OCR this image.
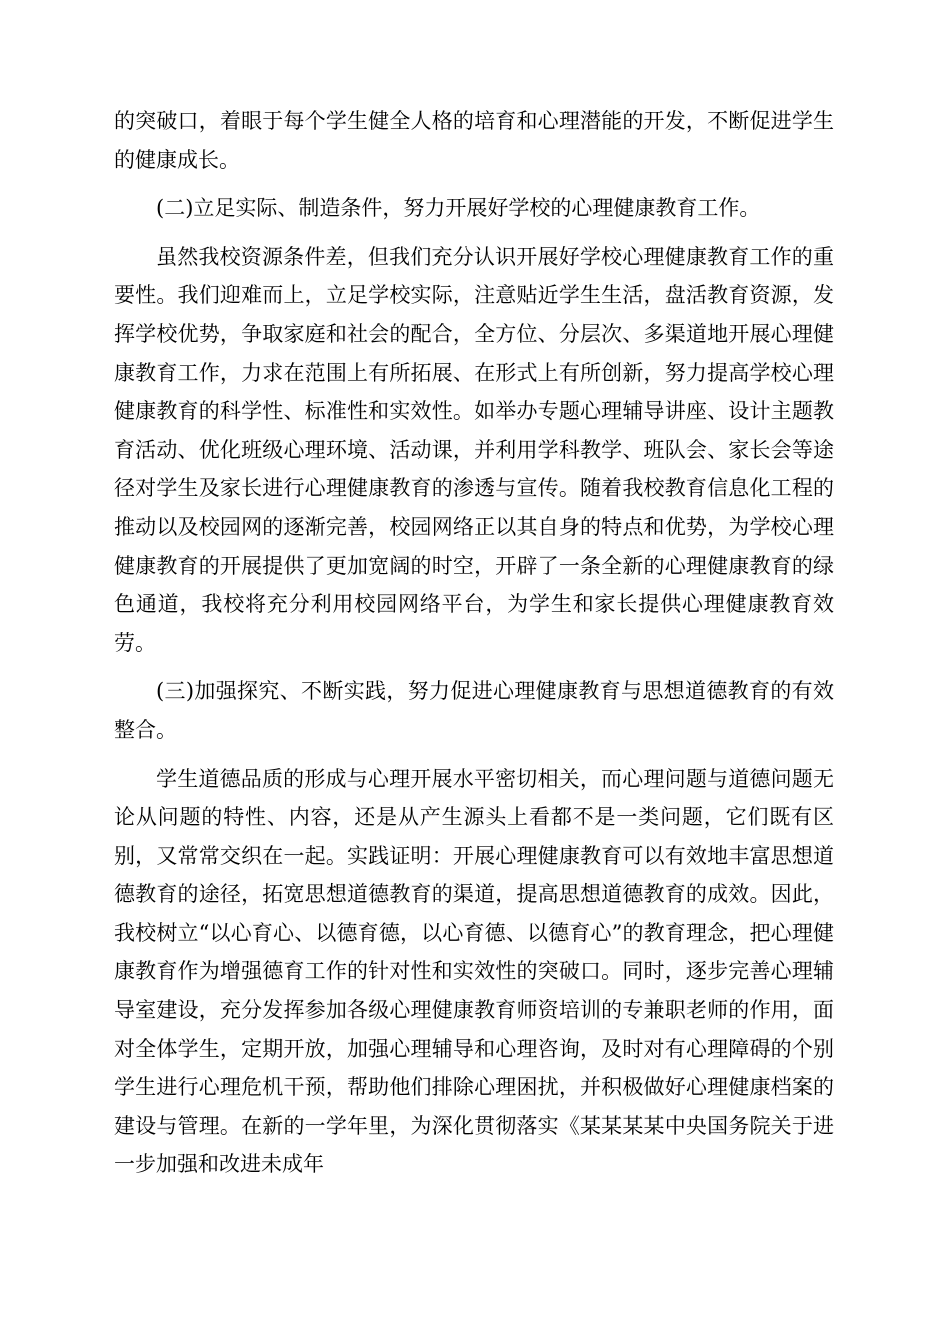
的突破口，着眼于每个学生健全人格的培育和心理潜能的开发，不断促进学生的健康成长。

(二)立足实际、制造条件，努力开展好学校的心理健康教育工作。

虽然我校资源条件差，但我们充分认识开展好学校心理健康教育工作的重要性。我们迎难而上，立足学校实际，注意贴近学生生活，盘活教育资源，发挥学校优势，争取家庭和社会的配合，全方位、分层次、多渠道地开展心理健康教育工作，力求在范围上有所拓展、在形式上有所创新，努力提高学校心理健康教育的科学性、标准性和实效性。如举办专题心理辅导讲座、设计主题教育活动、优化班级心理环境、活动课，并利用学科教学、班队会、家长会等途径对学生及家长进行心理健康教育的渗透与宣传。随着我校教育信息化工程的推动以及校园网的逐渐完善，校园网络正以其自身的特点和优势，为学校心理健康教育的开展提供了更加宽阔的时空，开辟了一条全新的心理健康教育的绿色通道，我校将充分利用校园网络平台，为学生和家长提供心理健康教育效劳。

(三)加强探究、不断实践，努力促进心理健康教育与思想道德教育的有效整合。

学生道德品质的形成与心理开展水平密切相关，而心理问题与道德问题无论从问题的特性、内容，还是从产生源头上看都不是一类问题，它们既有区别，又常常交织在一起。实践证明：开展心理健康教育可以有效地丰富思想道德教育的途径，拓宽思想道德教育的渠道，提高思想道德教育的成效。因此，我校树立“以心育心、以德育德，以心育德、以德育心”的教育理念，把心理健康教育作为增强德育工作的针对性和实效性的突破口。同时，逐步完善心理辅导室建设，充分发挥参加各级心理健康教育师资培训的专兼职老师的作用，面对全体学生，定期开放，加强心理辅导和心理咨询，及时对有心理障碍的个别学生进行心理危机干预，帮助他们排除心理困扰，并积极做好心理健康档案的建设与管理。在新的一学年里，为深化贯彻落实《某某某某中央国务院关于进一步加强和改进未成年
